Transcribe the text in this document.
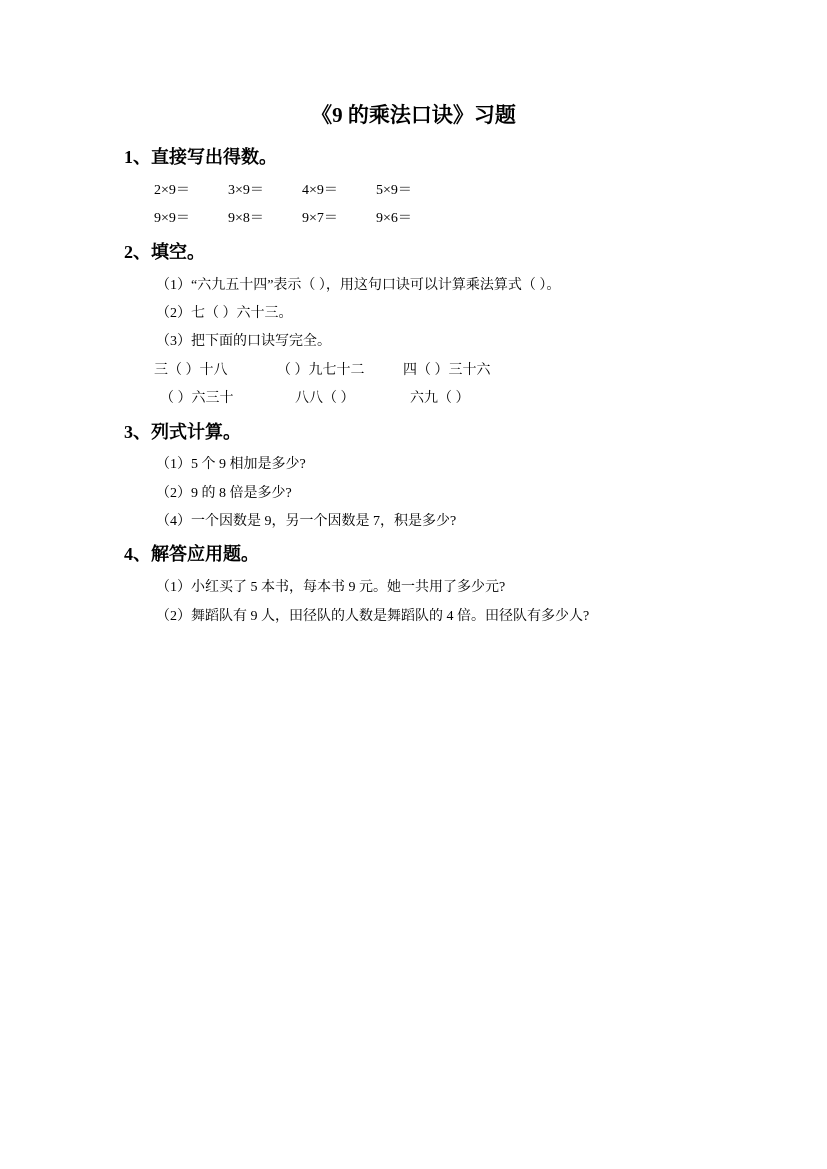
《9 的乘法口诀》习题
1、直接写出得数。
2×9＝	3×9＝	4×9＝	5×9＝
9×9＝	9×8＝	9×7＝	9×6＝
2、填空。
（1）“六九五十四”表示（ ），用这句口诀可以计算乘法算式（ ）。
（2）七（ ）六十三。
（3）把下面的口诀写完全。
三（ ）十八	（ ）九七十二	四（ ）三十六
（ ）六三十	八八（ ）	六九（ ）
3、列式计算。
（1）5 个 9 相加是多少?
（2）9 的 8 倍是多少?
（4）一个因数是 9，另一个因数是 7，积是多少?
4、解答应用题。
（1）小红买了 5 本书，每本书 9 元。她一共用了多少元?
（2）舞蹈队有 9 人，田径队的人数是舞蹈队的 4 倍。田径队有多少人?
